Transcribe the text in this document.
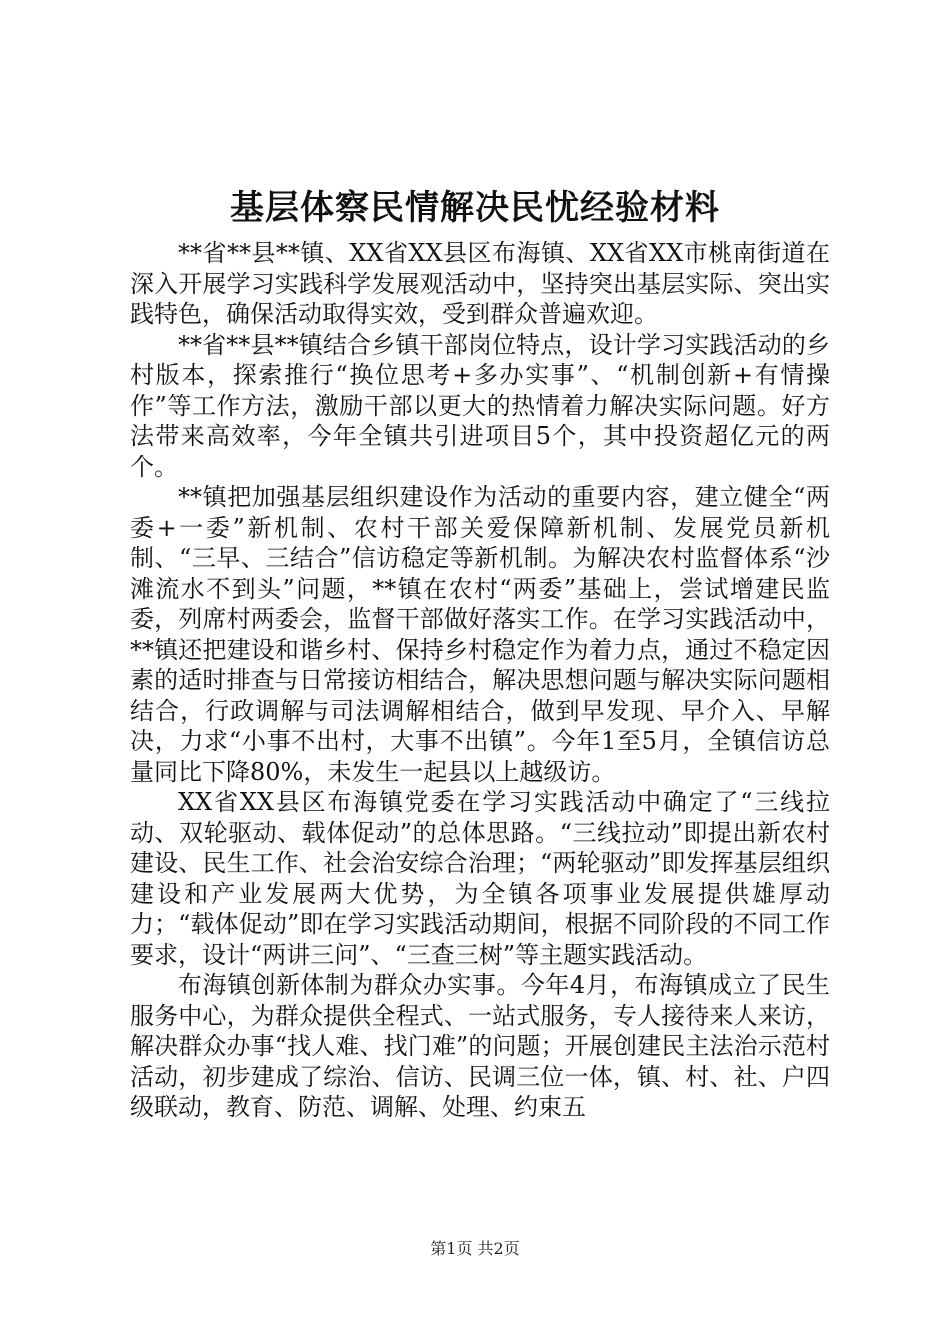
基层体察民情解决民忧经验材料

**省**县**镇、XX省XX县区布海镇、XX省XX市桃南街道在深入开展学习实践科学发展观活动中，坚持突出基层实际、突出实践特色，确保活动取得实效，受到群众普遍欢迎。

**省**县**镇结合乡镇干部岗位特点，设计学习实践活动的乡村版本，探索推行“换位思考+多办实事”、“机制创新+有情操作”等工作方法，激励干部以更大的热情着力解决实际问题。好方法带来高效率，今年全镇共引进项目5个，其中投资超亿元的两个。

**镇把加强基层组织建设作为活动的重要内容，建立健全“两委+一委”新机制、农村干部关爱保障新机制、发展党员新机制、“三早、三结合”信访稳定等新机制。为解决农村监督体系“沙滩流水不到头”问题，**镇在农村“两委”基础上，尝试增建民监委，列席村两委会，监督干部做好落实工作。在学习实践活动中，**镇还把建设和谐乡村、保持乡村稳定作为着力点，通过不稳定因素的适时排查与日常接访相结合，解决思想问题与解决实际问题相结合，行政调解与司法调解相结合，做到早发现、早介入、早解决，力求“小事不出村，大事不出镇”。今年1至5月，全镇信访总量同比下降80%，未发生一起县以上越级访。

XX省XX县区布海镇党委在学习实践活动中确定了“三线拉动、双轮驱动、载体促动”的总体思路。“三线拉动”即提出新农村建设、民生工作、社会治安综合治理；“两轮驱动”即发挥基层组织建设和产业发展两大优势，为全镇各项事业发展提供雄厚动力；“载体促动”即在学习实践活动期间，根据不同阶段的不同工作要求，设计“两讲三问”、“三查三树”等主题实践活动。

布海镇创新体制为群众办实事。今年4月，布海镇成立了民生服务中心，为群众提供全程式、一站式服务，专人接待来人来访，解决群众办事“找人难、找门难”的问题；开展创建民主法治示范村活动，初步建成了综治、信访、民调三位一体，镇、村、社、户四级联动，教育、防范、调解、处理、约束五

第1页 共2页
